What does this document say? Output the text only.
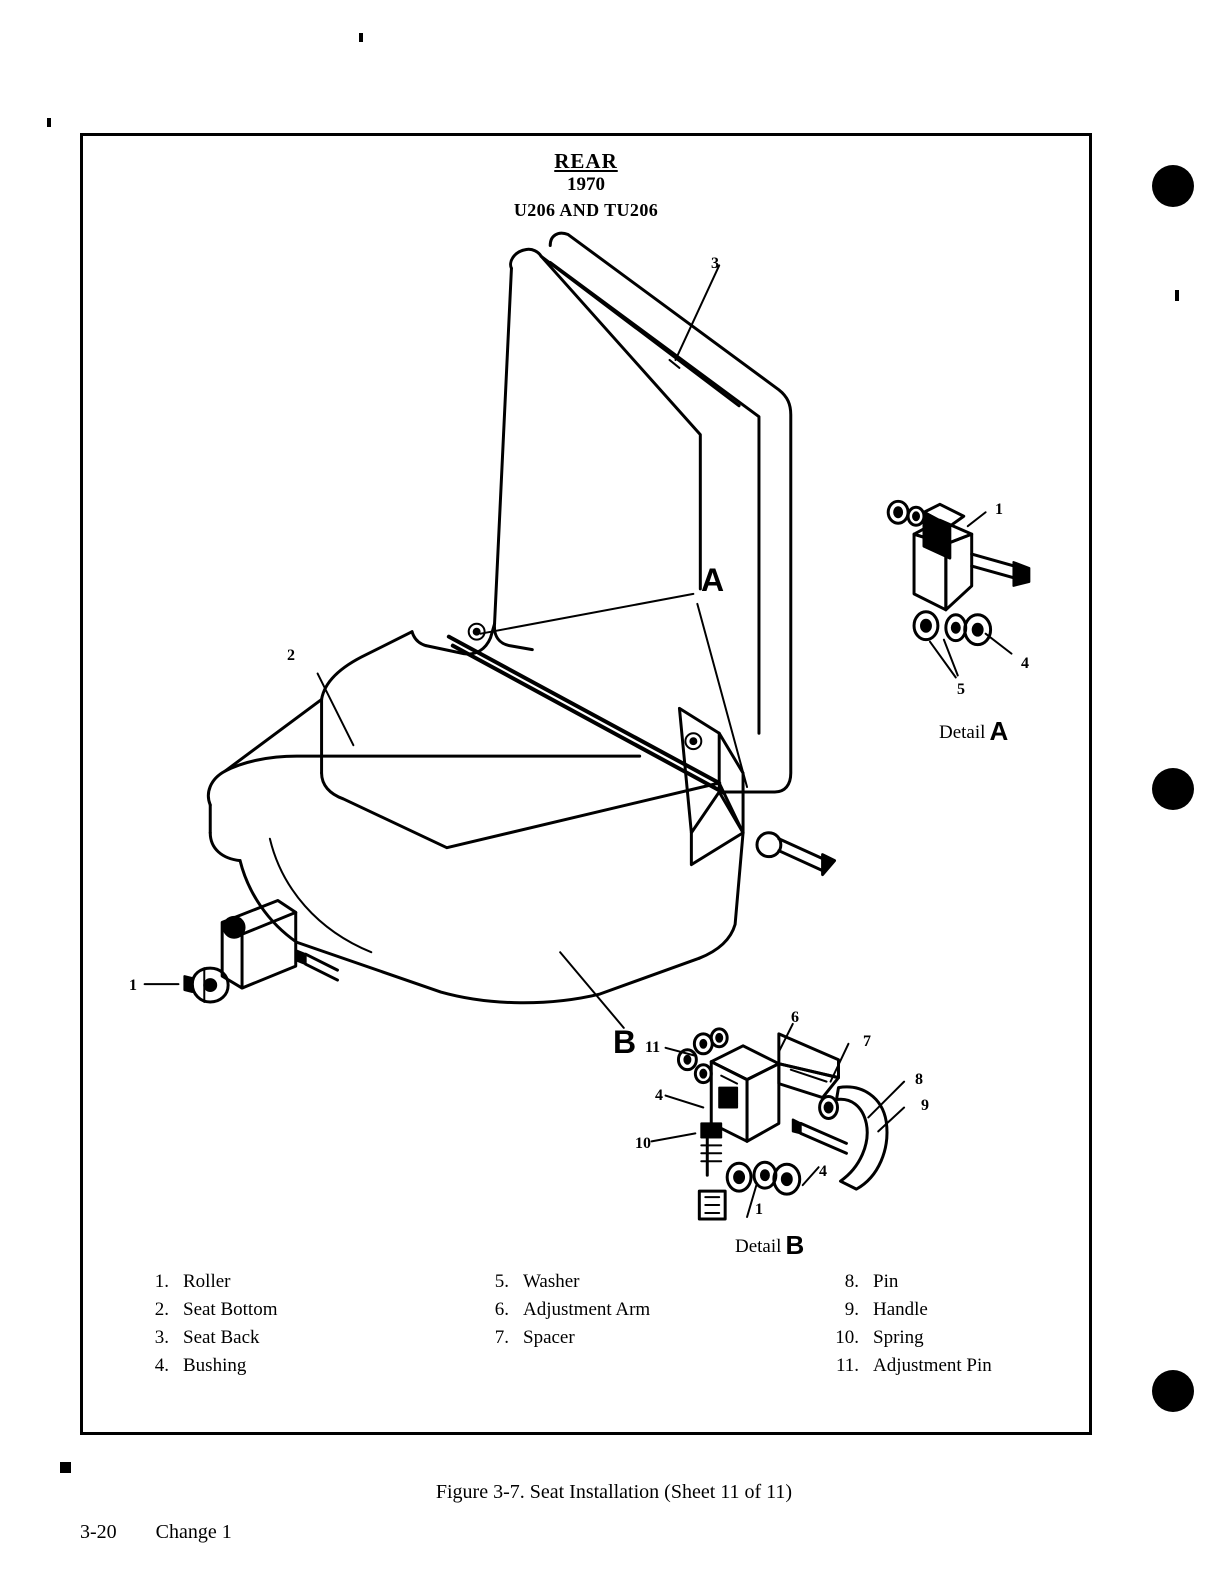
REAR
1970
U206 AND TU206
3
2
1
A
B
1
4
5
Detail A
6
7
8
9
11
4
10
4
1
Detail B
1. Roller
2. Seat Bottom
3. Seat Back
4. Bushing
5. Washer
6. Adjustment Arm
7. Spacer
8. Pin
9. Handle
10. Spring
11. Adjustment Pin
Figure 3-7. Seat Installation (Sheet 11 of 11)
3-20 Change 1
